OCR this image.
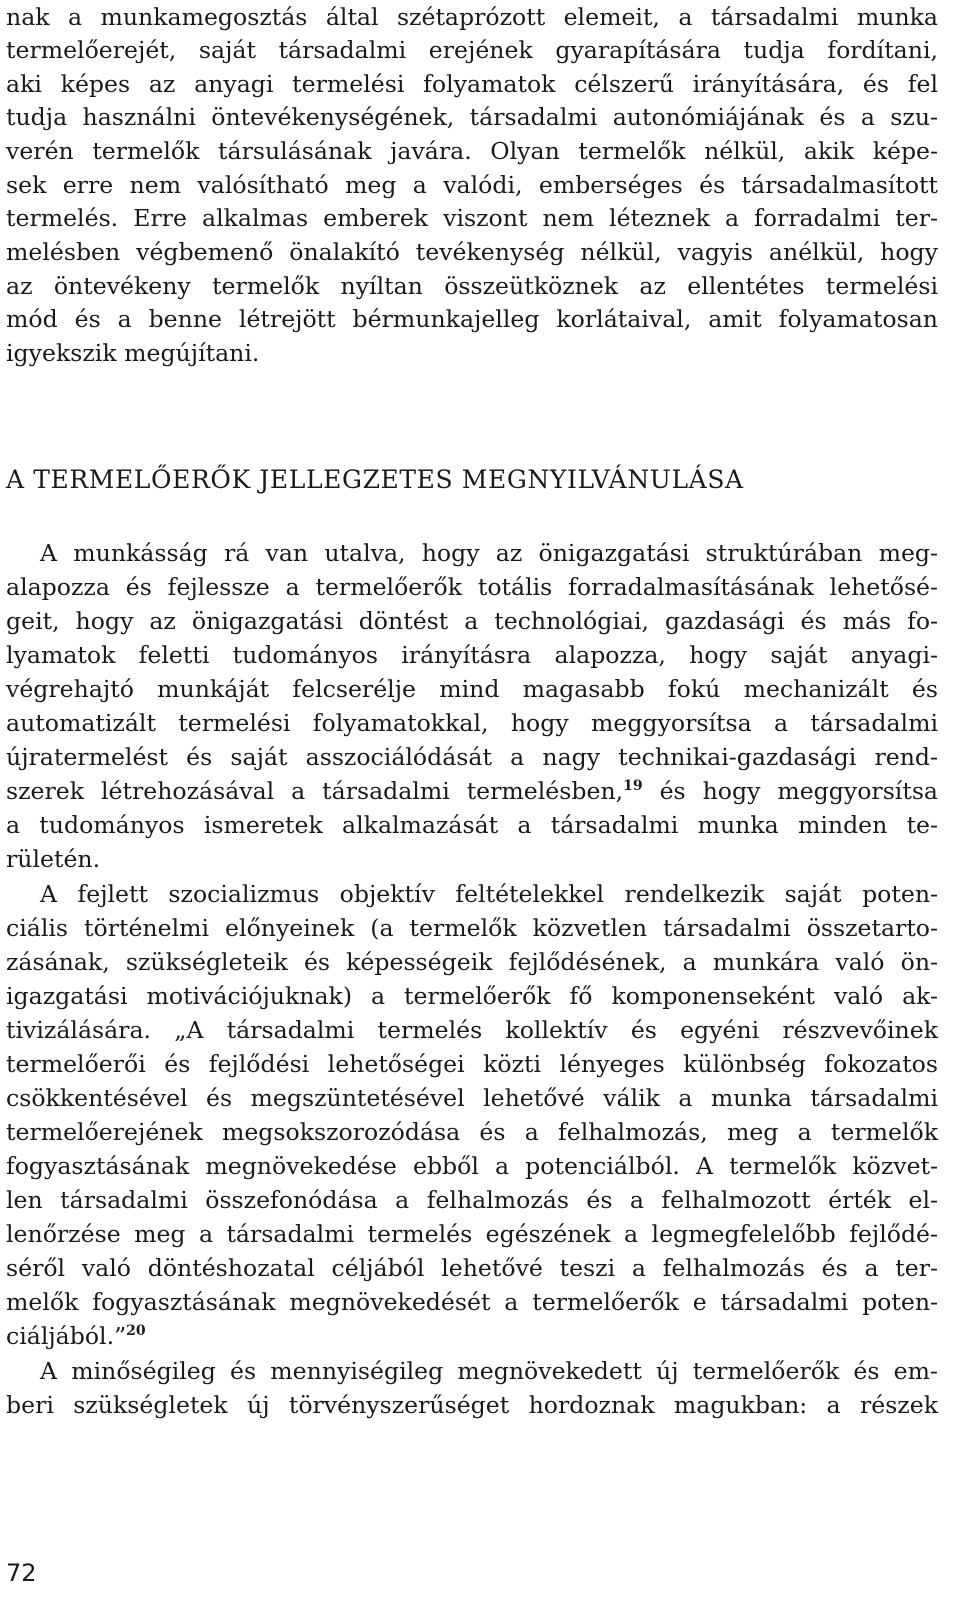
nak a munkamegosztás által szétaprózott elemeit, a társadalmi munka
termelőerejét, saját társadalmi erejének gyarapítására tudja fordítani,
aki képes az anyagi termelési folyamatok célszerű irányítására, és fel
tudja használni öntevékenységének, társadalmi autonómiájának és a szu-
verén termelők társulásának javára. Olyan termelők nélkül, akik képe-
sek erre nem valósítható meg a valódi, emberséges és társadalmasított
termelés. Erre alkalmas emberek viszont nem léteznek a forradalmi ter-
melésben végbemenő önalakító tevékenység nélkül, vagyis anélkül, hogy
az öntevékeny termelők nyíltan összeütköznek az ellentétes termelési
mód és a benne létrejött bérmunkajelleg korlátaival, amit folyamatosan
igyekszik megújítani.
A TERMELŐERŐK JELLEGZETES MEGNYILVÁNULÁSA
A munkásság rá van utalva, hogy az önigazgatási struktúrában meg-
alapozza és fejlessze a termelőerők totális forradalmasításának lehetősé-
geit, hogy az önigazgatási döntést a technológiai, gazdasági és más fo-
lyamatok feletti tudományos irányításra alapozza, hogy saját anyagi-
végrehajtó munkáját felcserélje mind magasabb fokú mechanizált és
automatizált termelési folyamatokkal, hogy meggyorsítsa a társadalmi
újratermelést és saját asszociálódását a nagy technikai-gazdasági rend-
szerek létrehozásával a társadalmi termelésben,$^{19}$ és hogy meggyorsítsa
a tudományos ismeretek alkalmazását a társadalmi munka minden te-
rületén.
A fejlett szocializmus objektív feltételekkel rendelkezik saját poten-
ciális történelmi előnyeinek (a termelők közvetlen társadalmi összetarto-
zásának, szükségleteik és képességeik fejlődésének, a munkára való ön-
igazgatási motivációjuknak) a termelőerők fő komponenseként való ak-
tivizálására. „A társadalmi termelés kollektív és egyéni részvevőinek
termelőerői és fejlődési lehetőségei közti lényeges különbség fokozatos
csökkentésével és megszüntetésével lehetővé válik a munka társadalmi
termelőerejének megsokszorozódása és a felhalmozás, meg a termelők
fogyasztásának megnövekedése ebből a potenciálból. A termelők közvet-
len társadalmi összefonódása a felhalmozás és a felhalmozott érték el-
lenőrzése meg a társadalmi termelés egészének a legmegfelelőbb fejlődé-
séről való döntéshozatal céljából lehetővé teszi a felhalmozás és a ter-
melők fogyasztásának megnövekedését a termelőerők e társadalmi poten-
ciáljából.”$^{20}$
A minőségileg és mennyiségileg megnövekedett új termelőerők és em-
beri szükségletek új törvényszerűséget hordoznak magukban: a részek
72
